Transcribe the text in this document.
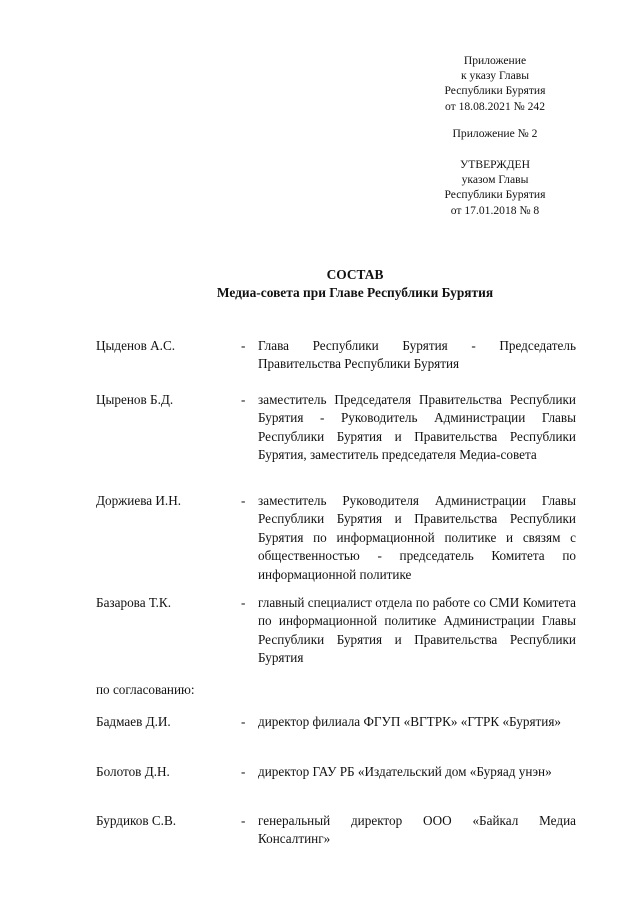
Приложение
к указу Главы
Республики Бурятия
от 18.08.2021 № 242
Приложение № 2
УТВЕРЖДЕН
указом Главы
Республики Бурятия
от 17.01.2018 № 8
СОСТАВ
Медиа-совета при Главе Республики Бурятия
Цыденов А.С.	- Глава Республики Бурятия - Председатель Правительства Республики Бурятия
Цыренов Б.Д.	- заместитель Председателя Правительства Республики Бурятия - Руководитель Администрации Главы Республики Бурятия и Правительства Республики Бурятия, заместитель председателя Медиа-совета
Доржиева И.Н.	- заместитель Руководителя Администрации Главы Республики Бурятия и Правительства Республики Бурятия по информационной политике и связям с общественностью - председатель Комитета по информационной политике
Базарова Т.К.	- главный специалист отдела по работе со СМИ Комитета по информационной политике Администрации Главы Республики Бурятия и Правительства Республики Бурятия
по согласованию:
Бадмаев Д.И.	- директор филиала ФГУП «ВГТРК» «ГТРК «Бурятия»
Болотов Д.Н.	- директор ГАУ РБ «Издательский дом «Буряад унэн»
Бурдиков С.В.	- генеральный директор ООО «Байкал Медиа Консалтинг»
